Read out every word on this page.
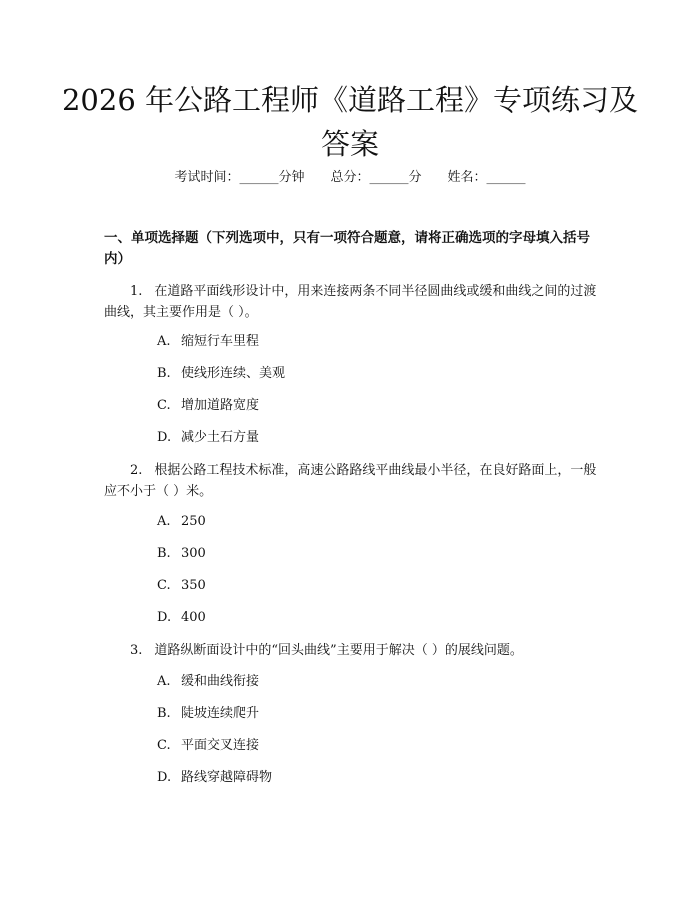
2026 年公路工程师《道路工程》专项练习及答案
考试时间：______分钟 总分：______分 姓名：______
一、单项选择题（下列选项中，只有一项符合题意，请将正确选项的字母填入括号内）
1. 在道路平面线形设计中，用来连接两条不同半径圆曲线或缓和曲线之间的过渡曲线，其主要作用是（ ）。
A. 缩短行车里程
B. 使线形连续、美观
C. 增加道路宽度
D. 减少土石方量
2. 根据公路工程技术标准，高速公路路线平曲线最小半径，在良好路面上，一般应不小于（ ）米。
A. 250
B. 300
C. 350
D. 400
3. 道路纵断面设计中的“回头曲线”主要用于解决（ ）的展线问题。
A. 缓和曲线衔接
B. 陡坡连续爬升
C. 平面交叉连接
D. 路线穿越障碍物
